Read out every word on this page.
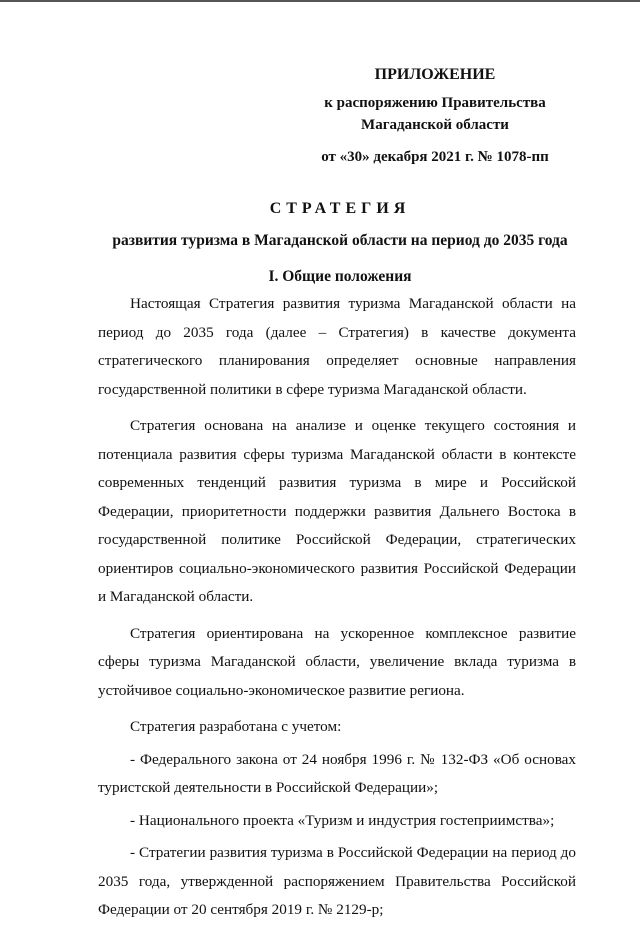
ПРИЛОЖЕНИЕ
к распоряжению Правительства
Магаданской области
от «30» декабря 2021 г. № 1078-пп
СТРАТЕГИЯ
развития туризма в Магаданской области на период до 2035 года
I. Общие положения

Настоящая Стратегия развития туризма Магаданской области на период до 2035 года (далее – Стратегия) в качестве документа стратегического планирования определяет основные направления государственной политики в сфере туризма Магаданской области.

Стратегия основана на анализе и оценке текущего состояния и потенциала развития сферы туризма Магаданской области в контексте современных тенденций развития туризма в мире и Российской Федерации, приоритетности поддержки развития Дальнего Востока в государственной политике Российской Федерации, стратегических ориентиров социально-экономического развития Российской Федерации и Магаданской области.

Стратегия ориентирована на ускоренное комплексное развитие сферы туризма Магаданской области, увеличение вклада туризма в устойчивое социально-экономическое развитие региона.

Стратегия разработана с учетом:

- Федерального закона от 24 ноября 1996 г. № 132-ФЗ «Об основах туристской деятельности в Российской Федерации»;

- Национального проекта «Туризм и индустрия гостеприимства»;

- Стратегии развития туризма в Российской Федерации на период до 2035 года, утвержденной распоряжением Правительства Российской Федерации от 20 сентября 2019 г. № 2129-р;
